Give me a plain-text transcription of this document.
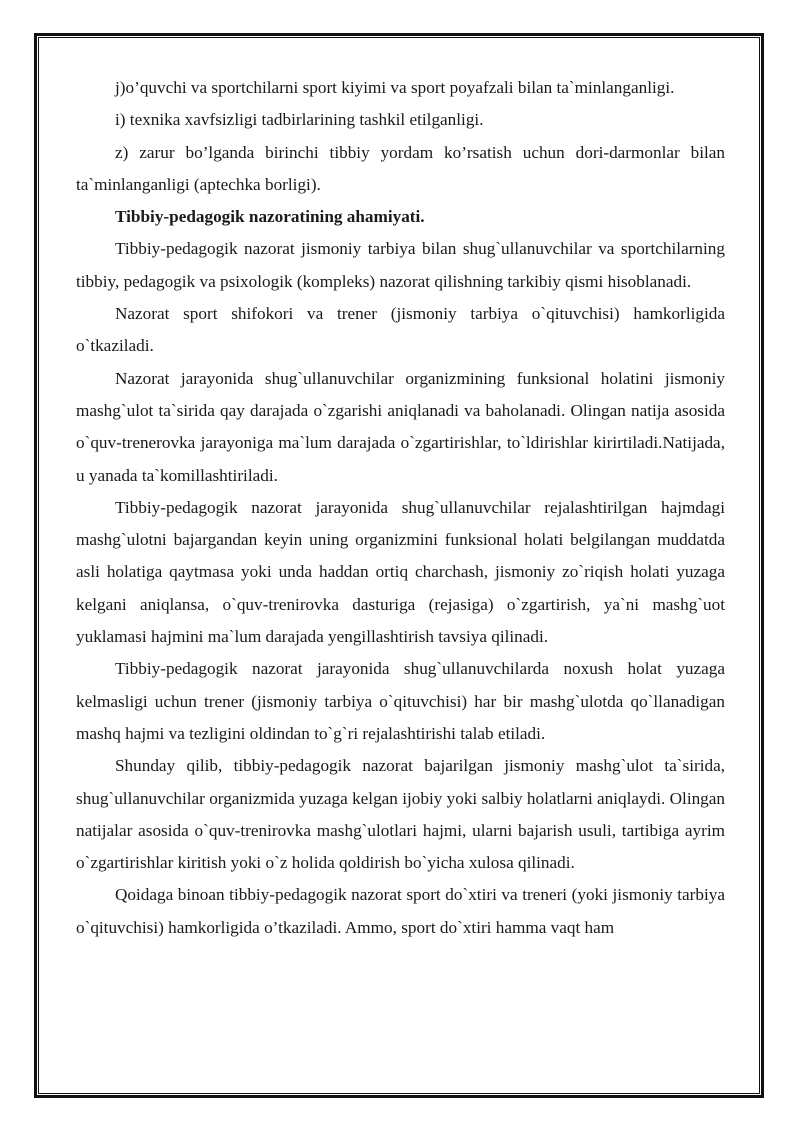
j)o’quvchi va sportchilarni sport kiyimi va sport poyafzali bilan ta`minlanganligi.

i) texnika xavfsizligi tadbirlarining tashkil etilganligi.

z) zarur bo’lganda birinchi tibbiy yordam ko’rsatish uchun dori-darmonlar bilan ta`minlanganligi (aptechka borligi).

Tibbiy-pedagogik nazoratining ahamiyati.

Tibbiy-pedagogik nazorat jismoniy tarbiya bilan shug`ullanuvchilar va sportchilarning tibbiy, pedagogik va psixologik (kompleks) nazorat qilishning tarkibiy qismi hisoblanadi.

Nazorat sport shifokori va trener (jismoniy tarbiya o`qituvchisi) hamkorligida o`tkaziladi.

Nazorat jarayonida shug`ullanuvchilar organizmining funksional holatini jismoniy mashg`ulot ta`sirida qay darajada o`zgarishi aniqlanadi va baholanadi. Olingan natija asosida o`quv-trenerovka jarayoniga ma`lum darajada o`zgartirishlar, to`ldirishlar kirirtiladi.Natijada, u yanada ta`komillashtiriladi.

Tibbiy-pedagogik nazorat jarayonida shug`ullanuvchilar rejalashtirilgan hajmdagi mashg`ulotni bajargandan keyin uning organizmini funksional holati belgilangan muddatda asli holatiga qaytmasa yoki unda haddan ortiq charchash, jismoniy zo`riqish holati yuzaga kelgani aniqlansa, o`quv-trenirovka dasturiga (rejasiga) o`zgartirish, ya`ni mashg`uot yuklamasi hajmini ma`lum darajada yengillashtirish tavsiya qilinadi.

Tibbiy-pedagogik nazorat jarayonida shug`ullanuvchilarda noxush holat yuzaga kelmasligi uchun trener (jismoniy tarbiya o`qituvchisi) har bir mashg`ulotda qo`llanadigan mashq hajmi va tezligini oldindan to`g`ri rejalashtirishi talab etiladi.

Shunday qilib, tibbiy-pedagogik nazorat bajarilgan jismoniy mashg`ulot ta`sirida, shug`ullanuvchilar organizmida yuzaga kelgan ijobiy yoki salbiy holatlarni aniqlaydi. Olingan natijalar asosida o`quv-trenirovka mashg`ulotlari hajmi, ularni bajarish usuli, tartibiga ayrim o`zgartirishlar kiritish yoki o`z holida qoldirish bo`yicha xulosa qilinadi.

Qoidaga binoan tibbiy-pedagogik nazorat sport do`xtiri va treneri (yoki jismoniy tarbiya o`qituvchisi) hamkorligida o’tkaziladi. Ammo, sport do`xtiri hamma vaqt ham
